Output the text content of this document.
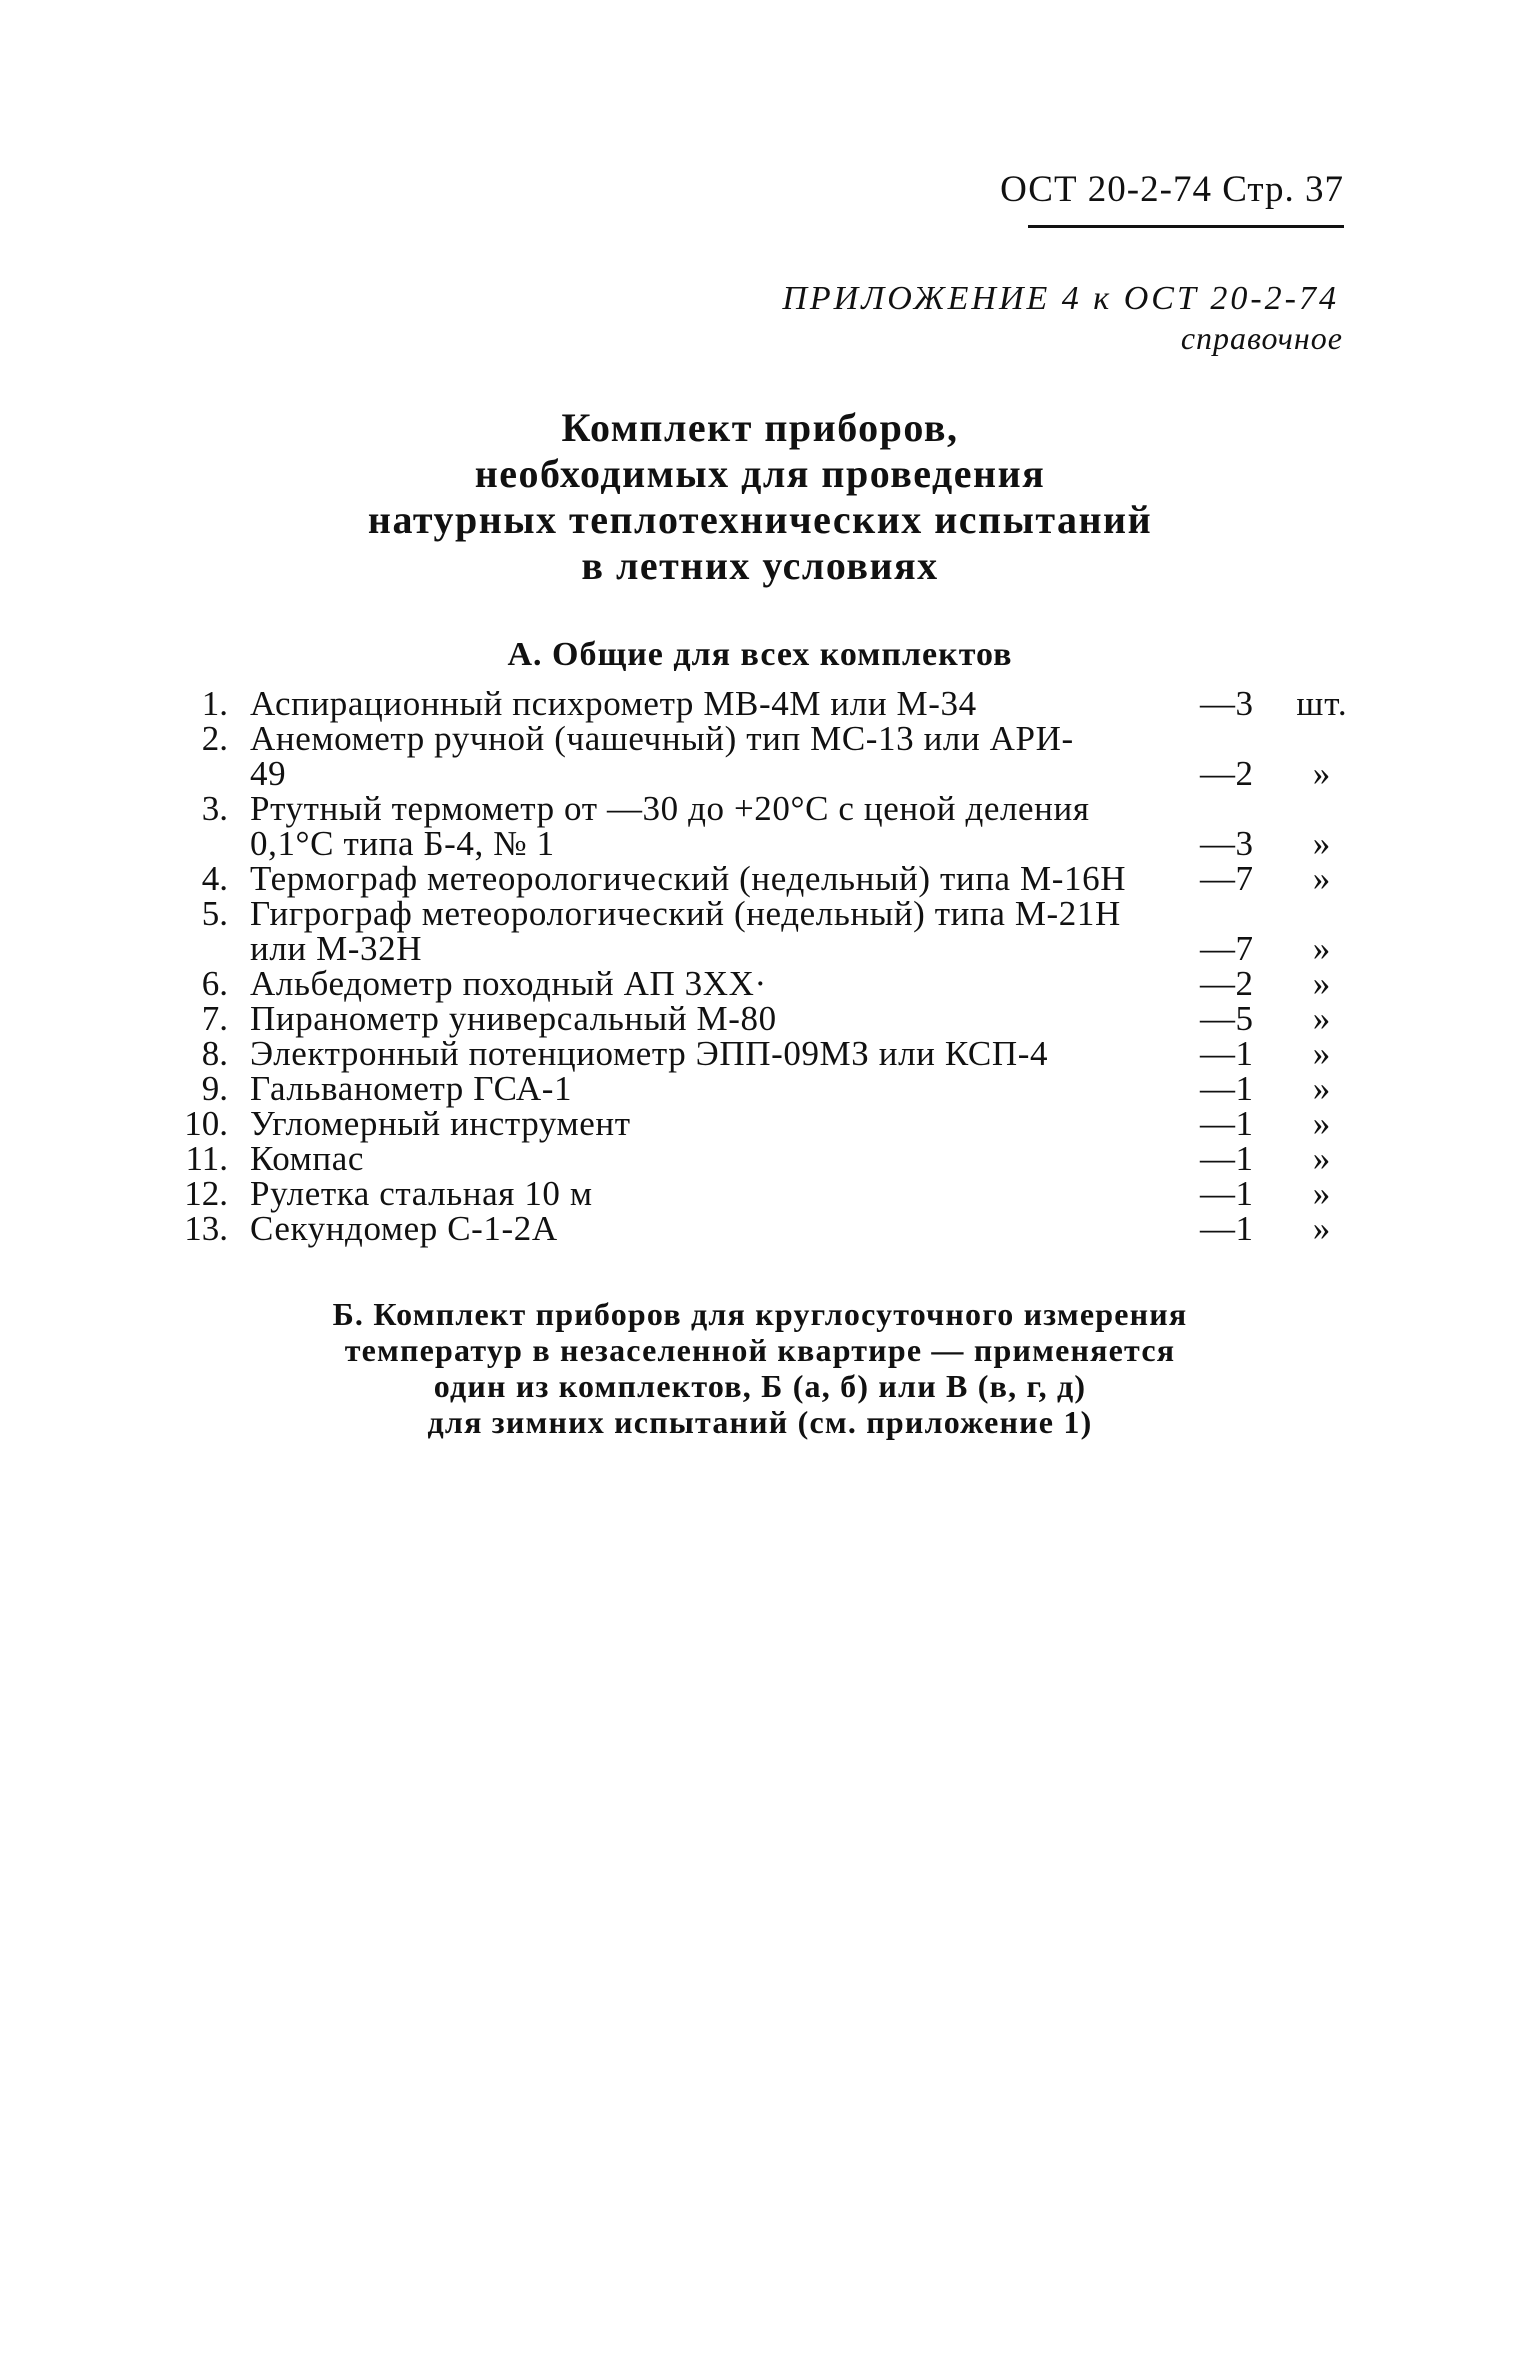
ОСТ 20-2-74 Стр. 37
ПРИЛОЖЕНИЕ 4 к ОСТ 20-2-74
справочное
Комплект приборов,
необходимых для проведения
натурных теплотехнических испытаний
в летних условиях
А. Общие для всех комплектов
1. Аспирационный психрометр МВ-4М или М-34	—3	шт.
2. Анемометр ручной (чашечный) тип МС-13 или АРИ-
49	—2	»
3. Ртутный термометр от —30 до +20°С с ценой деления
0,1°С типа Б-4, № 1	—3	»
4. Термограф метеорологический (недельный) типа М-16Н	—7	»
5. Гигрограф метеорологический (недельный) типа М-21Н
или М-32Н	—7	»
6. Альбедометр походный АП 3ХХ·	—2	»
7. Пиранометр универсальный М-80	—5	»
8. Электронный потенциометр ЭПП-09МЗ или КСП-4	—1	»
9. Гальванометр ГСА-1	—1	»
10. Угломерный инструмент	—1	»
11. Компас	—1	»
12. Рулетка стальная 10 м	—1	»
13. Секундомер С-1-2А	—1	»
Б. Комплект приборов для круглосуточного измерения
температур в незаселенной квартире — применяется
один из комплектов, Б (а, б) или В (в, г, д)
для зимних испытаний (см. приложение 1)
